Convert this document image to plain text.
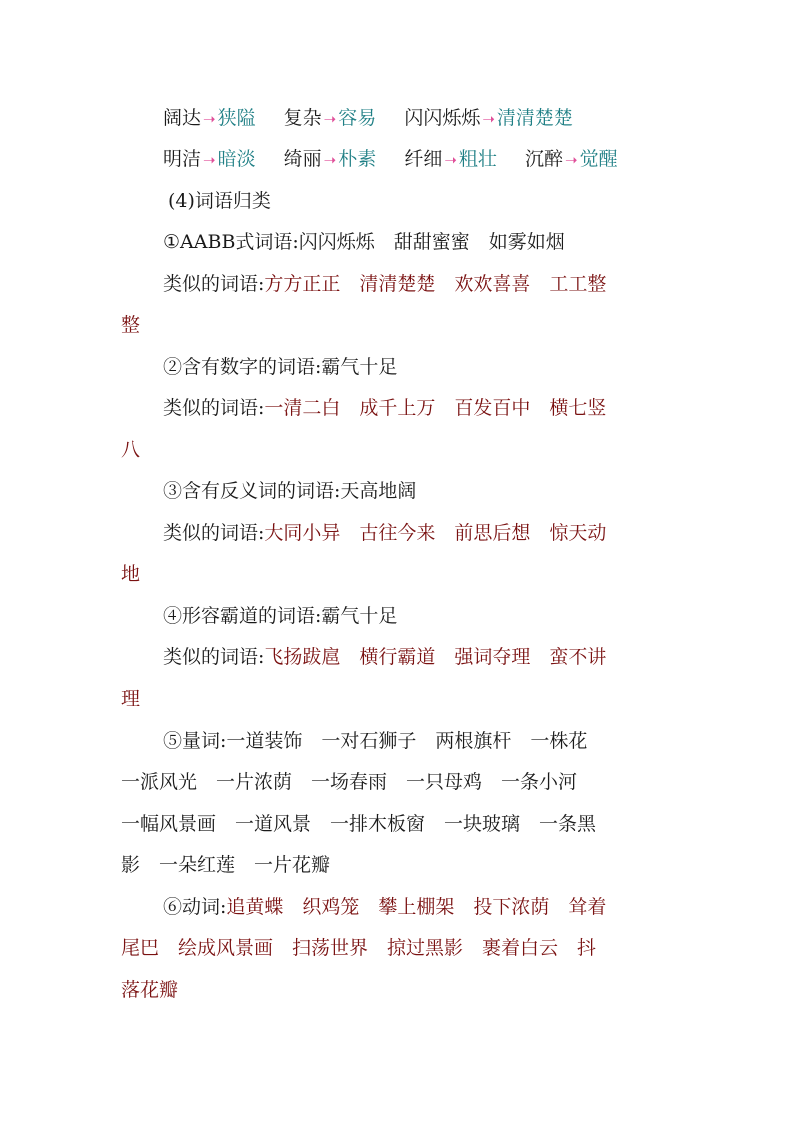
阔达 ➝ 狭隘 复杂 ➝ 容易 闪闪烁烁 ➝ 清清楚楚
明洁 ➝ 暗淡 绮丽 ➝ 朴素 纤细 ➝ 粗壮 沉醉 ➝ 觉醒
(4)词语归类
①AABB式词语:闪闪烁烁　甜甜蜜蜜　如雾如烟
类似的词语:方方正正　清清楚楚　欢欢喜喜　工工整
整
②含有数字的词语:霸气十足
类似的词语:一清二白　成千上万　百发百中　横七竖
八
③含有反义词的词语:天高地阔
类似的词语:大同小异　古往今来　前思后想　惊天动
地
④形容霸道的词语:霸气十足
类似的词语:飞扬跋扈　横行霸道　强词夺理　蛮不讲
理
⑤量词:一道装饰　一对石狮子　两根旗杆　一株花
一派风光　一片浓荫　一场春雨　一只母鸡　一条小河
一幅风景画　一道风景　一排木板窗　一块玻璃　一条黑
影　一朵红莲　一片花瓣
⑥动词:追黄蝶　织鸡笼　攀上棚架　投下浓荫　耸着
尾巴　绘成风景画　扫荡世界　掠过黑影　裹着白云　抖
落花瓣
